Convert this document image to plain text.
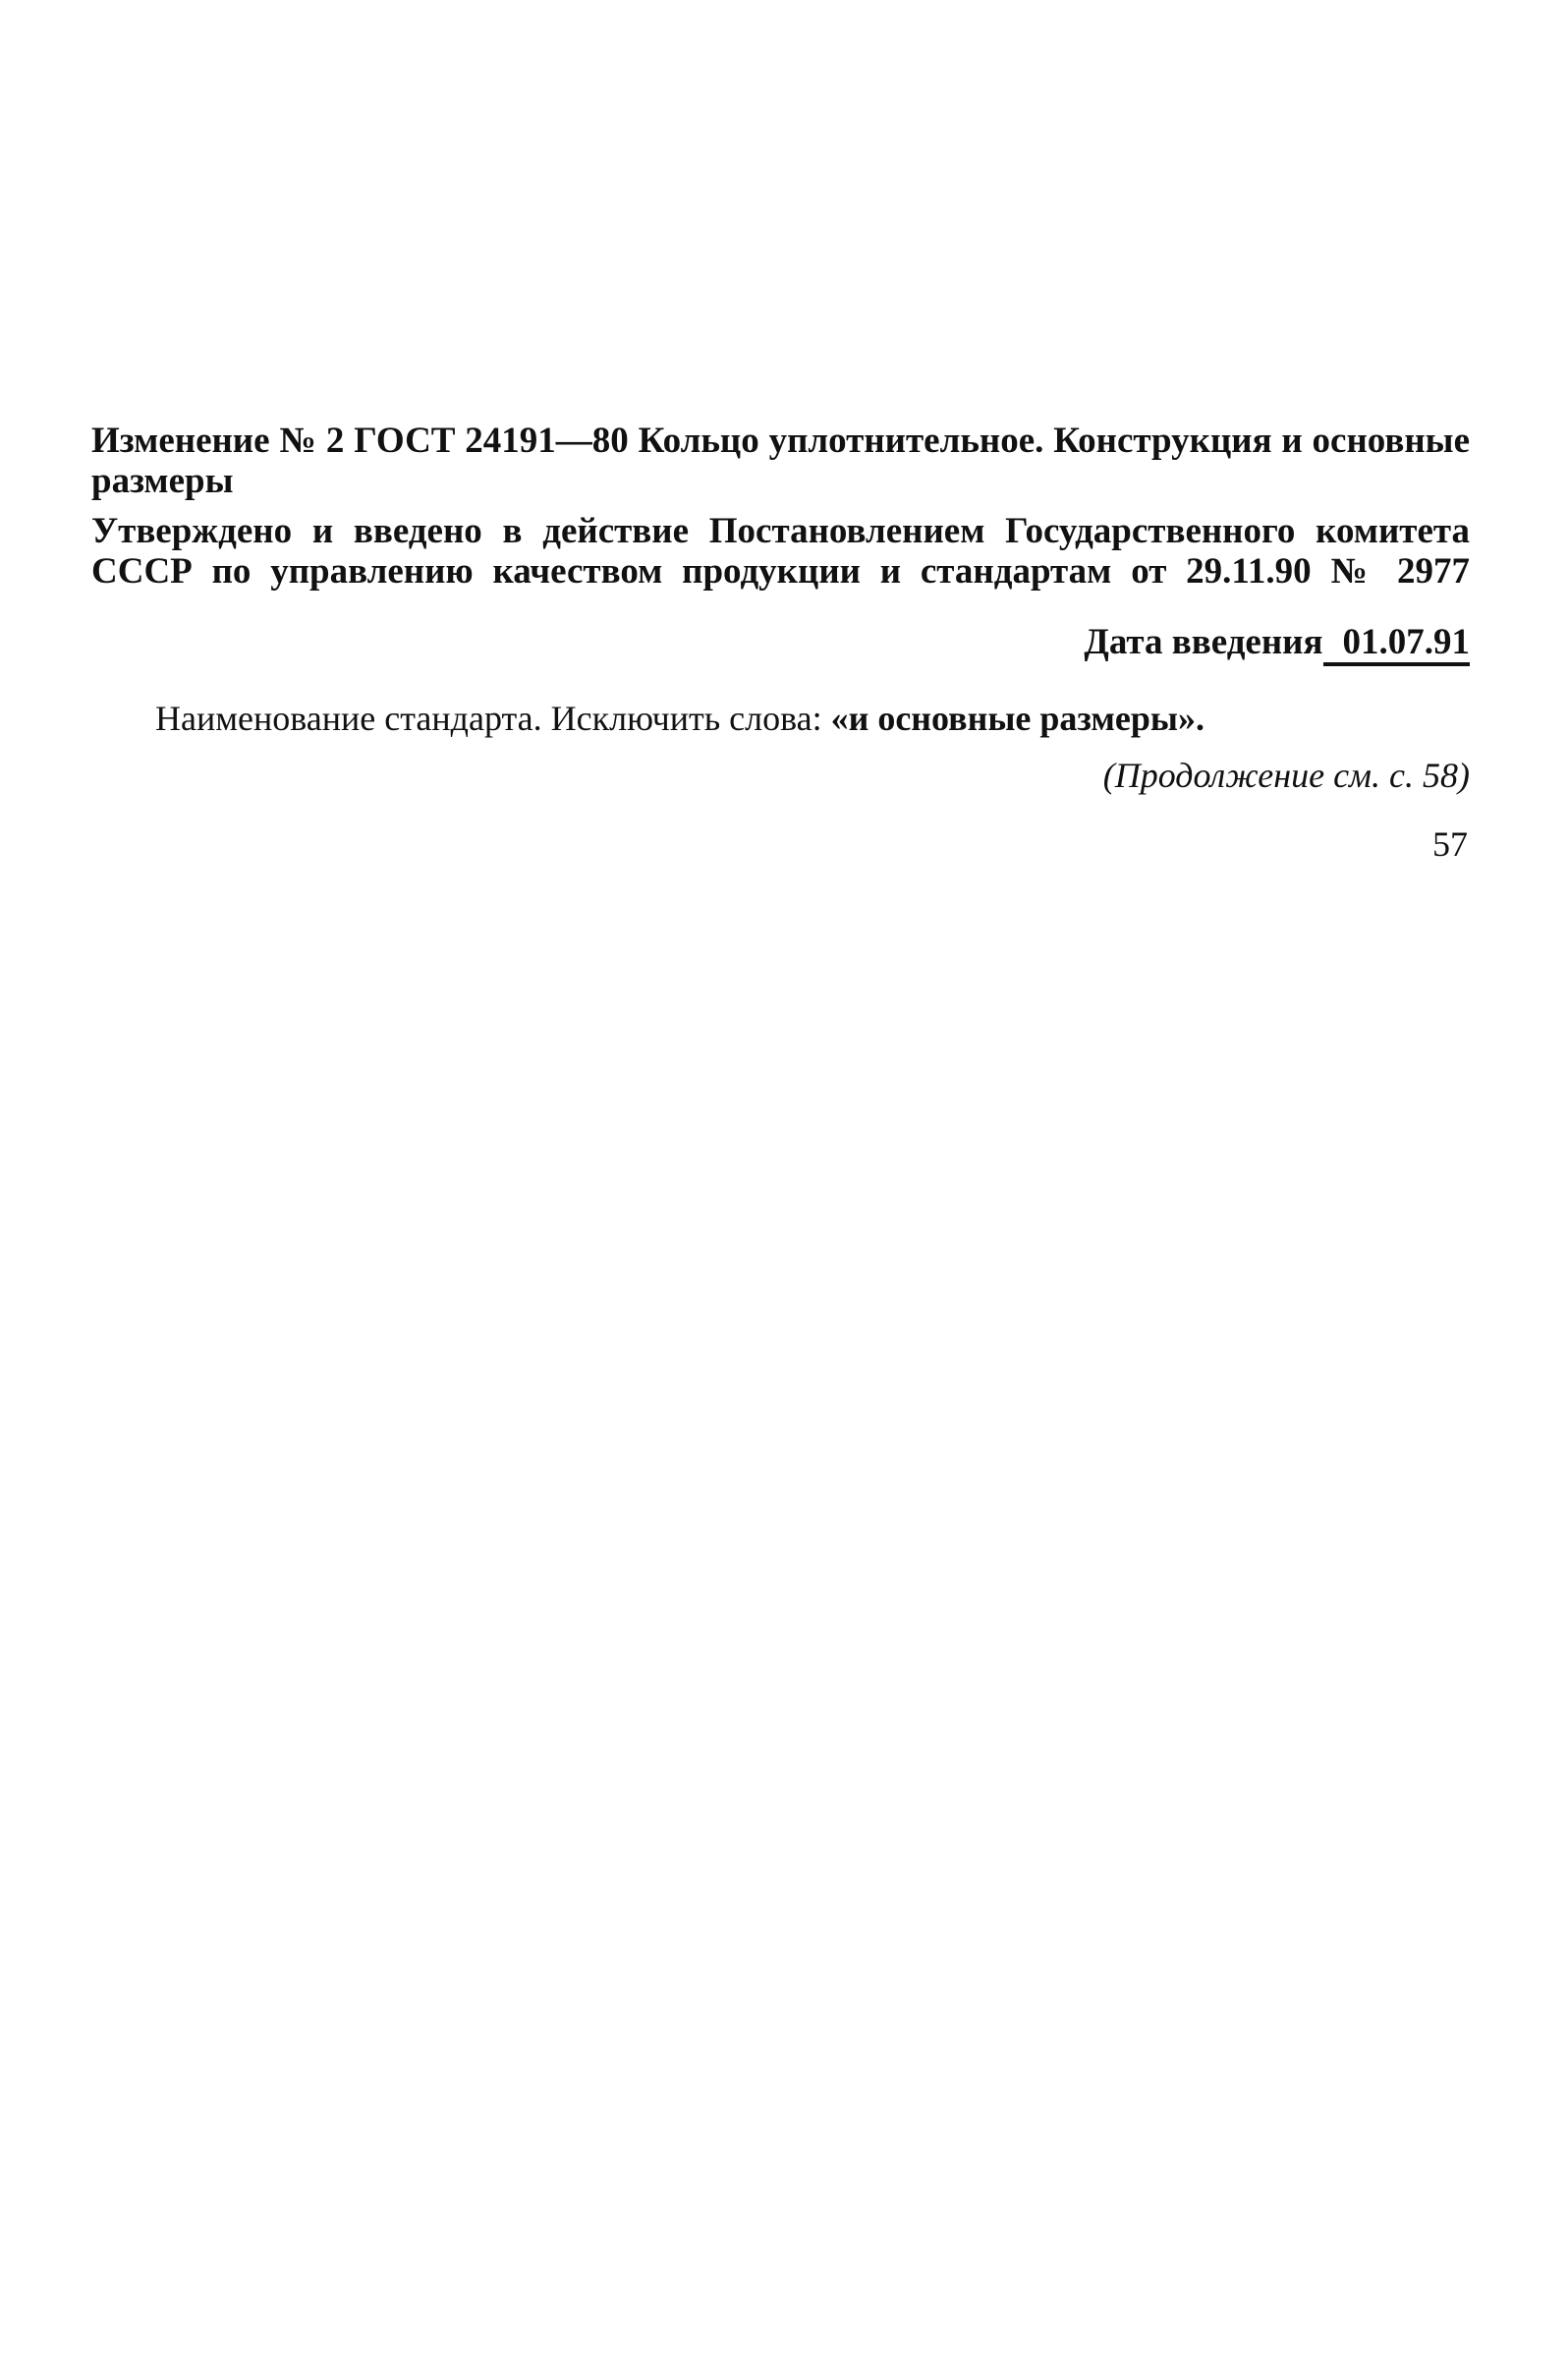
Изменение № 2 ГОСТ 24191—80 Кольцо уплотнительное. Конструкция и основные размеры
Утверждено и введено в действие Постановлением Государственного комитета СССР по управлению качеством продукции и стандартам от 29.11.90 № 2977
Дата введения 01.07.91
Наименование стандарта. Исключить слова: «и основные размеры».
(Продолжение см. с. 58)
57
